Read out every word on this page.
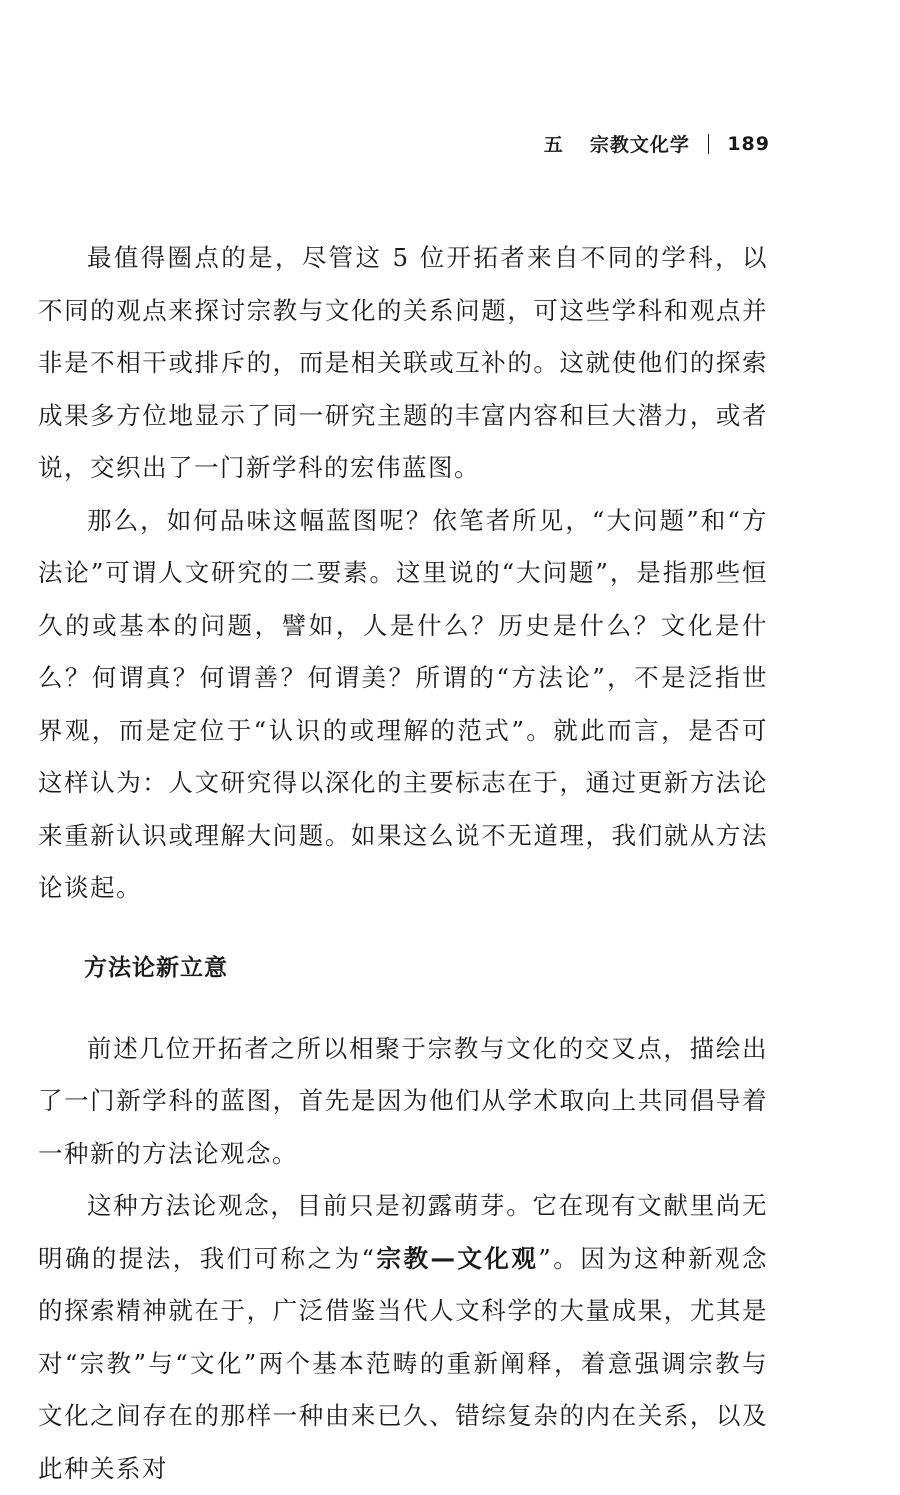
五 宗教文化学 189

最值得圈点的是，尽管这 5 位开拓者来自不同的学科，以不同的观点来探讨宗教与文化的关系问题，可这些学科和观点并非是不相干或排斥的，而是相关联或互补的。这就使他们的探索成果多方位地显示了同一研究主题的丰富内容和巨大潜力，或者说，交织出了一门新学科的宏伟蓝图。

那么，如何品味这幅蓝图呢？依笔者所见，“大问题”和“方法论”可谓人文研究的二要素。这里说的“大问题”，是指那些恒久的或基本的问题，譬如，人是什么？历史是什么？文化是什么？何谓真？何谓善？何谓美？所谓的“方法论”，不是泛指世界观，而是定位于“认识的或理解的范式”。就此而言，是否可这样认为：人文研究得以深化的主要标志在于，通过更新方法论来重新认识或理解大问题。如果这么说不无道理，我们就从方法论谈起。

方法论新立意

前述几位开拓者之所以相聚于宗教与文化的交叉点，描绘出了一门新学科的蓝图，首先是因为他们从学术取向上共同倡导着一种新的方法论观念。

这种方法论观念，目前只是初露萌芽。它在现有文献里尚无明确的提法，我们可称之为“宗教—文化观”。因为这种新观念的探索精神就在于，广泛借鉴当代人文科学的大量成果，尤其是对“宗教”与“文化”两个基本范畴的重新阐释，着意强调宗教与文化之间存在的那样一种由来已久、错综复杂的内在关系，以及此种关系对
